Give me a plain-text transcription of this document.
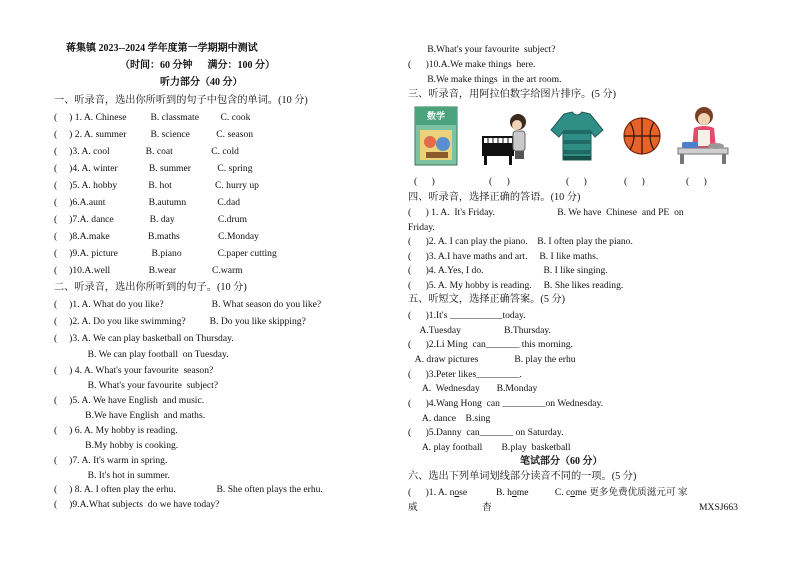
蒋集镇 2023--2024 学年度第一学期期中测试
（时间：60 分钟      满分：100 分）
听力部分（40 分）
一、听录音，选出你所听到的句子中包含的单词。(10 分)
(     ) 1. A. Chinese          B. classmate         C. cook
(     ) 2. A. summer          B. science           C. season
(     )3. A. cool               B. coat                C. cold
(     )4. A. winter             B. summer           C. spring
(     )5. A. hobby             B. hot                  C. hurry up
(     )6.A.aunt                  B.autumn             C.dad
(     )7.A. dance               B. day                  C.drum
(     )8.A.make                B.maths                C.Monday
(     )9.A. picture              B.piano               C.paper cutting
(     )10.A.well                B.wear               C.warm
二、听录音，选出你所听到的句子。(10 分)
(     )1. A. What do you like?                    B. What season do you like?
(     )2. A. Do you like swimming?          B. Do you like skipping?
(     )3. A. We can play basketball on Thursday.
B. We can play football  on Tuesday.
(     ) 4. A. What's your favourite  season?
B. What's your favourite  subject?
(     )5. A. We have English  and music.
B.We have English  and maths.
(     ) 6. A. My hobby is reading.
B.My hobby is cooking.
(     )7. A. It's warm in spring.
B. It's hot in summer.
(     ) 8. A. I often play the erhu.                 B. She often plays the erhu.
(     )9.A.What subjects  do we have today?
B.What's your favourite  subject?
(      )10.A.We make things  here.
B.We make things  in the art room.
三、听录音，用阿拉伯数字给图片排序。(5 分)
数学
(      )	(      )	(      )	(      )	(      )
四、听录音，选择正确的答语。(10 分)
(      ) 1. A.  It's Friday.                          B. We have  Chinese  and PE  on
Friday.
(      )2. A. I can play the piano.    B. I often play the piano.
(      )3. A.I have maths and art.     B. I like maths.
(      )4. A.Yes, I do.                         B. I like singing.
(      )5. A. My hobby is reading.     B. She likes reading.
五、听短文，选择正确答案。(5 分)
(      )1.It's ___________today.
A.Tuesday                  B.Thursday.
(      )2.Li Ming  can_______ this morning.
A. draw pictures               B. play the erhu
(      )3.Peter likes_________.
A.  Wednesday       B.Monday
(      )4.Wang Hong  can _________on Wednesday.
A. dance    B.sing
(      )5.Danny  can_______ on Saturday.
A. play football        B.play  basketball
笔试部分（60 分）
六、选出下列单词划线部分读音不同的一项。(5 分)
(      )1. A. nose            B. home           C. come 更多免费优质滋元可 家
威	杳	MXSJ663
